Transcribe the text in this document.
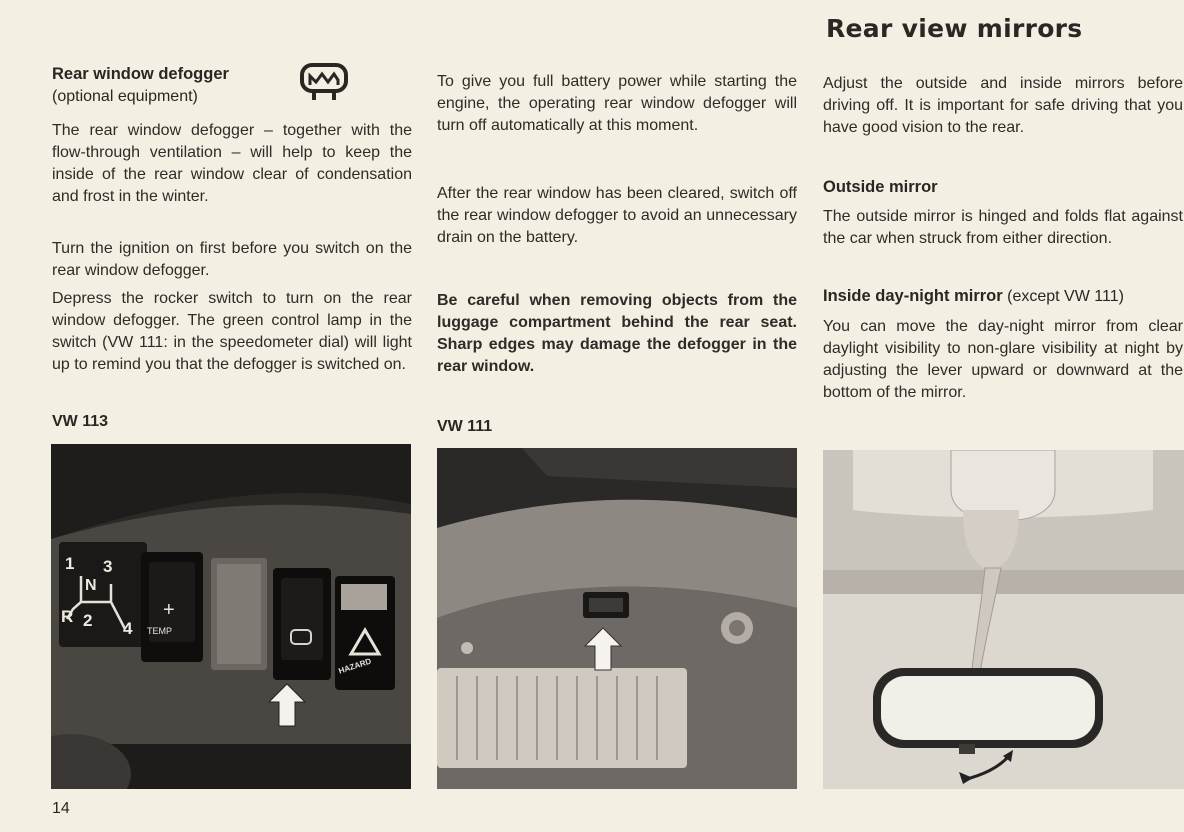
Rear view mirrors
Rear window defogger
(optional equipment)
The rear window defogger – together with the flow-through ventilation – will help to keep the inside of the rear window clear of condensation and frost in the winter.
Turn the ignition on first before you switch on the rear window defogger.
Depress the rocker switch to turn on the rear window defogger. The green control lamp in the switch (VW 111: in the speedometer dial) will light up to remind you that the defogger is switched on.
VW 113
1 3
N
R 2 4
+
TEMP
HAZARD
To give you full battery power while starting the engine, the operating rear window defogger will turn off automatically at this moment.
After the rear window has been cleared, switch off the rear window defogger to avoid an unnecessary drain on the battery.
Be careful when removing objects from the luggage compartment behind the rear seat. Sharp edges may damage the defogger in the rear window.
VW 111
Adjust the outside and inside mirrors before driving off. It is important for safe driving that you have good vision to the rear.
Outside mirror
The outside mirror is hinged and folds flat against the car when struck from either direction.
Inside day-night mirror (except VW 111)
You can move the day-night mirror from clear daylight visibility to non-glare visibility at night by adjusting the lever upward or downward at the bottom of the mirror.
14
